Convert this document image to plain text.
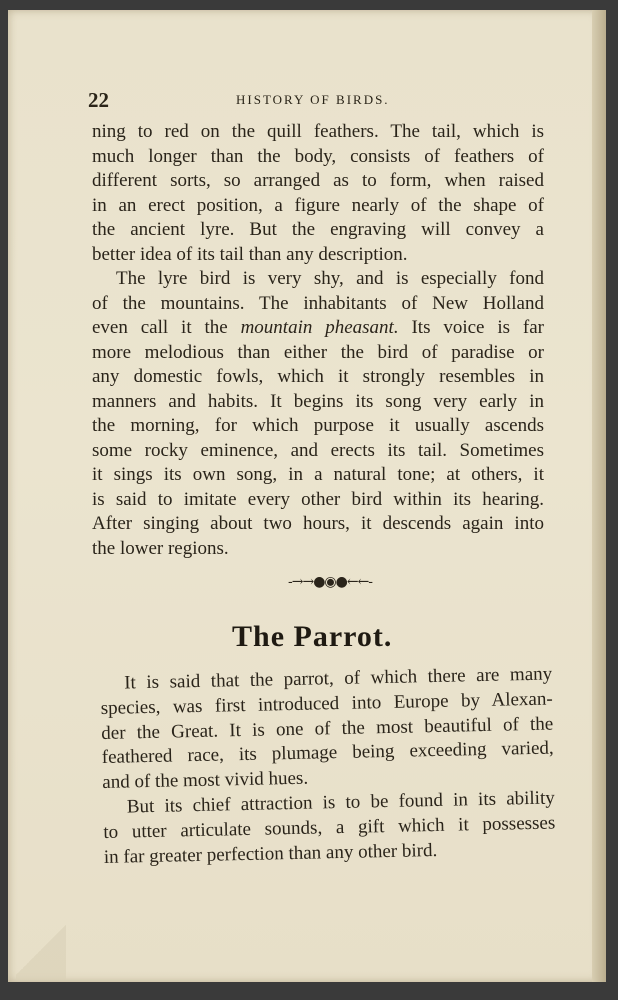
22	HISTORY OF BIRDS.
ning to red on the quill feathers. The tail, which is
much longer than the body, consists of feathers of
different sorts, so arranged as to form, when raised
in an erect position, a figure nearly of the shape of
the ancient lyre. But the engraving will convey a
better idea of its tail than any description.
The lyre bird is very shy, and is especially fond
of the mountains. The inhabitants of New Holland
even call it the mountain pheasant. Its voice is far
more melodious than either the bird of paradise or
any domestic fowls, which it strongly resembles in
manners and habits. It begins its song very early in
the morning, for which purpose it usually ascends
some rocky eminence, and erects its tail. Sometimes
it sings its own song, in a natural tone; at others, it
is said to imitate every other bird within its hearing.
After singing about two hours, it descends again into
the lower regions.
-→→●◉●←←-
The Parrot.
It is said that the parrot, of which there are many
species, was first introduced into Europe by Alexan-
der the Great. It is one of the most beautiful of the
feathered race, its plumage being exceeding varied,
and of the most vivid hues.
But its chief attraction is to be found in its ability
to utter articulate sounds, a gift which it possesses
in far greater perfection than any other bird.
